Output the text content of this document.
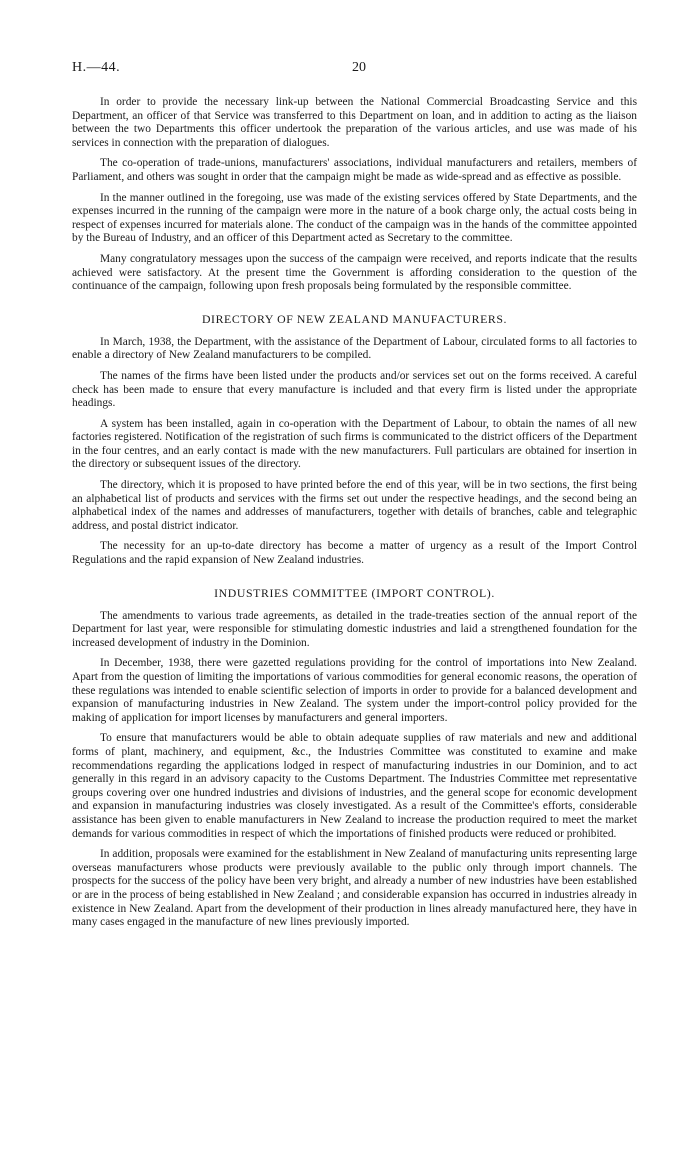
H.—44.	20

In order to provide the necessary link-up between the National Commercial Broadcasting Service and this Department, an officer of that Service was transferred to this Department on loan, and in addition to acting as the liaison between the two Departments this officer undertook the preparation of the various articles, and use was made of his services in connection with the preparation of dialogues.

The co-operation of trade-unions, manufacturers' associations, individual manufacturers and retailers, members of Parliament, and others was sought in order that the campaign might be made as wide-spread and as effective as possible.

In the manner outlined in the foregoing, use was made of the existing services offered by State Departments, and the expenses incurred in the running of the campaign were more in the nature of a book charge only, the actual costs being in respect of expenses incurred for materials alone. The conduct of the campaign was in the hands of the committee appointed by the Bureau of Industry, and an officer of this Department acted as Secretary to the committee.

Many congratulatory messages upon the success of the campaign were received, and reports indicate that the results achieved were satisfactory. At the present time the Government is affording consideration to the question of the continuance of the campaign, following upon fresh proposals being formulated by the responsible committee.

DIRECTORY OF NEW ZEALAND MANUFACTURERS.

In March, 1938, the Department, with the assistance of the Department of Labour, circulated forms to all factories to enable a directory of New Zealand manufacturers to be compiled.

The names of the firms have been listed under the products and/or services set out on the forms received. A careful check has been made to ensure that every manufacture is included and that every firm is listed under the appropriate headings.

A system has been installed, again in co-operation with the Department of Labour, to obtain the names of all new factories registered. Notification of the registration of such firms is communicated to the district officers of the Department in the four centres, and an early contact is made with the new manufacturers. Full particulars are obtained for insertion in the directory or subsequent issues of the directory.

The directory, which it is proposed to have printed before the end of this year, will be in two sections, the first being an alphabetical list of products and services with the firms set out under the respective headings, and the second being an alphabetical index of the names and addresses of manufacturers, together with details of branches, cable and telegraphic address, and postal district indicator.

The necessity for an up-to-date directory has become a matter of urgency as a result of the Import Control Regulations and the rapid expansion of New Zealand industries.

INDUSTRIES COMMITTEE (IMPORT CONTROL).

The amendments to various trade agreements, as detailed in the trade-treaties section of the annual report of the Department for last year, were responsible for stimulating domestic industries and laid a strengthened foundation for the increased development of industry in the Dominion.

In December, 1938, there were gazetted regulations providing for the control of importations into New Zealand. Apart from the question of limiting the importations of various commodities for general economic reasons, the operation of these regulations was intended to enable scientific selection of imports in order to provide for a balanced development and expansion of manufacturing industries in New Zealand. The system under the import-control policy provided for the making of application for import licenses by manufacturers and general importers.

To ensure that manufacturers would be able to obtain adequate supplies of raw materials and new and additional forms of plant, machinery, and equipment, &c., the Industries Committee was constituted to examine and make recommendations regarding the applications lodged in respect of manufacturing industries in our Dominion, and to act generally in this regard in an advisory capacity to the Customs Department. The Industries Committee met representative groups covering over one hundred industries and divisions of industries, and the general scope for economic development and expansion in manufacturing industries was closely investigated. As a result of the Committee's efforts, considerable assistance has been given to enable manufacturers in New Zealand to increase the production required to meet the market demands for various commodities in respect of which the importations of finished products were reduced or prohibited.

In addition, proposals were examined for the establishment in New Zealand of manufacturing units representing large overseas manufacturers whose products were previously available to the public only through import channels. The prospects for the success of the policy have been very bright, and already a number of new industries have been established or are in the process of being established in New Zealand ; and considerable expansion has occurred in industries already in existence in New Zealand. Apart from the development of their production in lines already manufactured here, they have in many cases engaged in the manufacture of new lines previously imported.
